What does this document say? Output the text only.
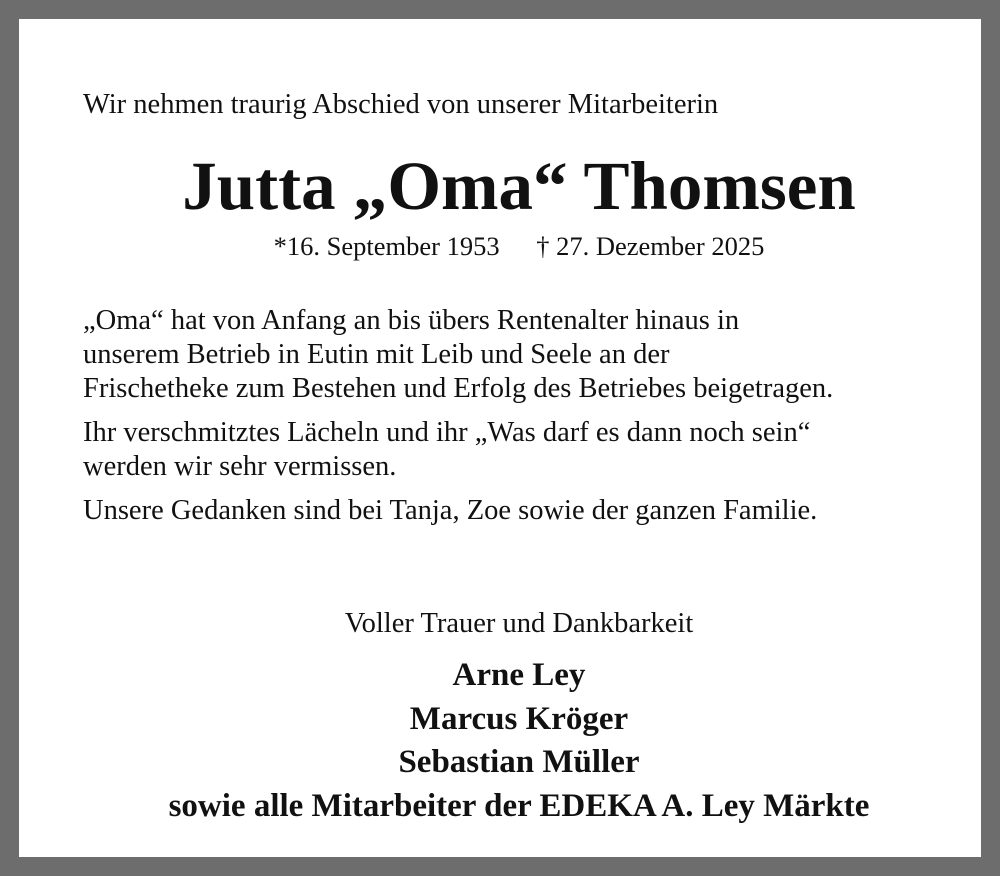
Wir nehmen traurig Abschied von unserer Mitarbeiterin
Jutta „Oma“ Thomsen
*16. September 1953 † 27. Dezember 2025

„Oma“ hat von Anfang an bis übers Rentenalter hinaus in

unserem Betrieb in Eutin mit Leib und Seele an der

Frischetheke zum Bestehen und Erfolg des Betriebes beigetragen.

Ihr verschmitztes Lächeln und ihr „Was darf es dann noch sein“

werden wir sehr vermissen.

Unsere Gedanken sind bei Tanja, Zoe sowie der ganzen Familie.

Voller Trauer und Dankbarkeit
Arne Ley
Marcus Kröger
Sebastian Müller
sowie alle Mitarbeiter der EDEKA A. Ley Märkte
